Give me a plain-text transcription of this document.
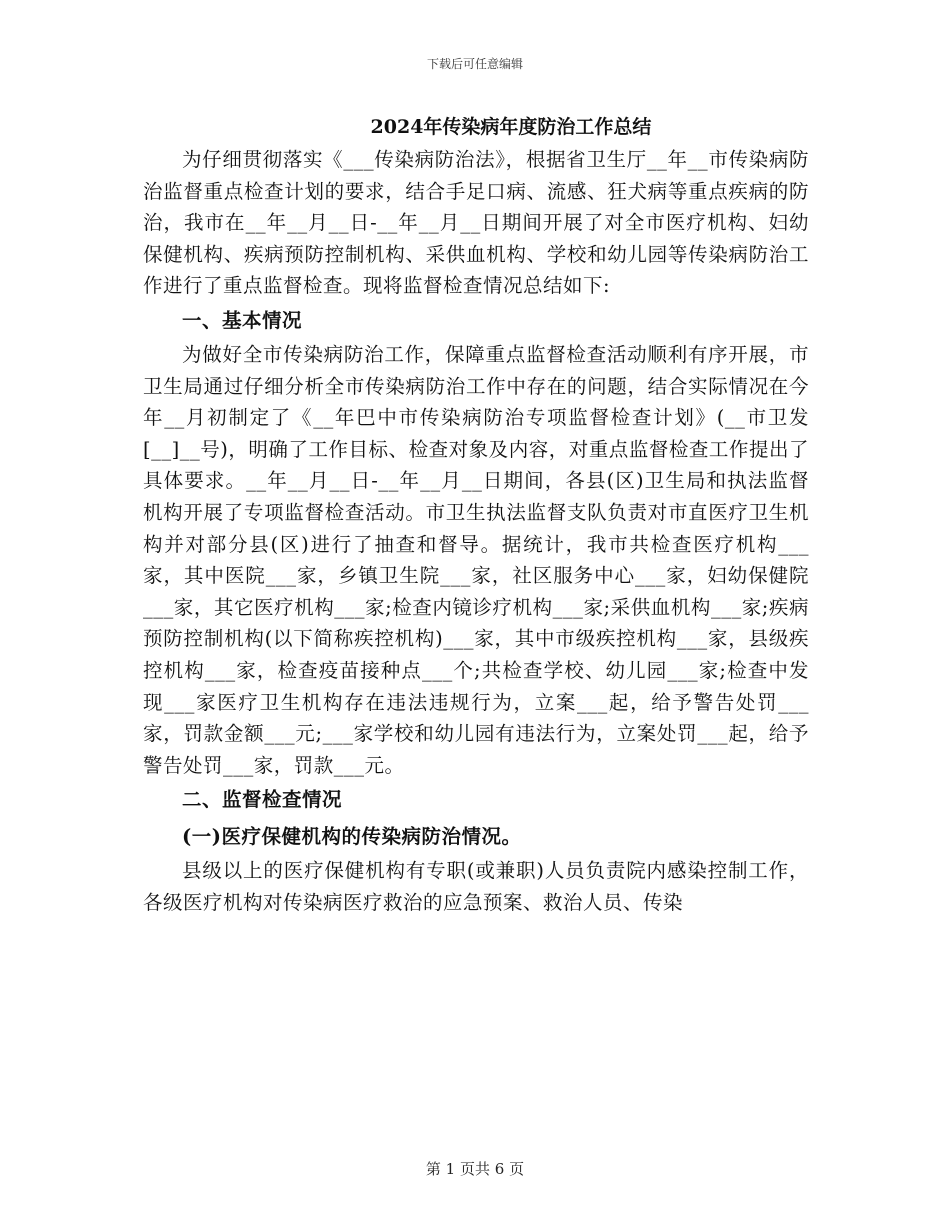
下载后可任意编辑
2024年传染病年度防治工作总结

为仔细贯彻落实《___传染病防治法》，根据省卫生厅__年__市传染病防治监督重点检查计划的要求，结合手足口病、流感、狂犬病等重点疾病的防治，我市在__年__月__日-__年__月__日期间开展了对全市医疗机构、妇幼保健机构、疾病预防控制机构、采供血机构、学校和幼儿园等传染病防治工作进行了重点监督检查。现将监督检查情况总结如下:

一、基本情况

为做好全市传染病防治工作，保障重点监督检查活动顺利有序开展，市卫生局通过仔细分析全市传染病防治工作中存在的问题，结合实际情况在今年__月初制定了《__年巴中市传染病防治专项监督检查计划》(__市卫发[__]__号)，明确了工作目标、检查对象及内容，对重点监督检查工作提出了具体要求。__年__月__日-__年__月__日期间，各县(区)卫生局和执法监督机构开展了专项监督检查活动。市卫生执法监督支队负责对市直医疗卫生机构并对部分县(区)进行了抽查和督导。据统计，我市共检查医疗机构___家，其中医院___家，乡镇卫生院___家，社区服务中心___家，妇幼保健院___家，其它医疗机构___家;检查内镜诊疗机构___家;采供血机构___家;疾病预防控制机构(以下简称疾控机构)___家，其中市级疾控机构___家，县级疾控机构___家，检查疫苗接种点___个;共检查学校、幼儿园___家;检查中发现___家医疗卫生机构存在违法违规行为，立案___起，给予警告处罚___家，罚款金额___元;___家学校和幼儿园有违法行为，立案处罚___起，给予警告处罚___家，罚款___元。

二、监督检查情况

(一)医疗保健机构的传染病防治情况。

县级以上的医疗保健机构有专职(或兼职)人员负责院内感染控制工作，各级医疗机构对传染病医疗救治的应急预案、救治人员、传染

第 1 页共 6 页
